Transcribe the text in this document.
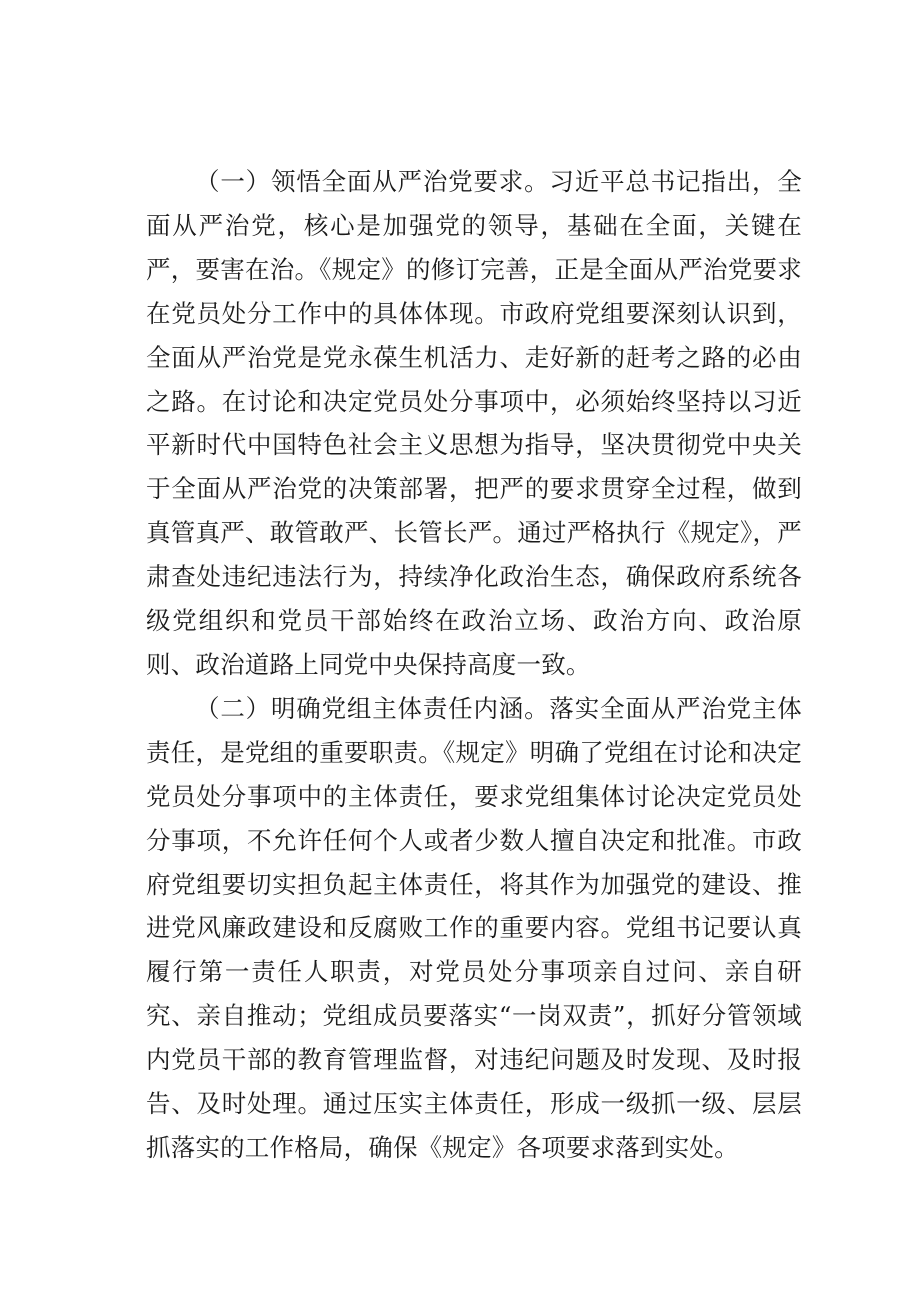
（一）领悟全面从严治党要求。习近平总书记指出，全面从严治党，核心是加强党的领导，基础在全面，关键在严，要害在治。《规定》的修订完善，正是全面从严治党要求在党员处分工作中的具体体现。市政府党组要深刻认识到，全面从严治党是党永葆生机活力、走好新的赶考之路的必由之路。在讨论和决定党员处分事项中，必须始终坚持以习近平新时代中国特色社会主义思想为指导，坚决贯彻党中央关于全面从严治党的决策部署，把严的要求贯穿全过程，做到真管真严、敢管敢严、长管长严。通过严格执行《规定》，严肃查处违纪违法行为，持续净化政治生态，确保政府系统各级党组织和党员干部始终在政治立场、政治方向、政治原则、政治道路上同党中央保持高度一致。

（二）明确党组主体责任内涵。落实全面从严治党主体责任，是党组的重要职责。《规定》明确了党组在讨论和决定党员处分事项中的主体责任，要求党组集体讨论决定党员处分事项，不允许任何个人或者少数人擅自决定和批准。市政府党组要切实担负起主体责任，将其作为加强党的建设、推进党风廉政建设和反腐败工作的重要内容。党组书记要认真履行第一责任人职责，对党员处分事项亲自过问、亲自研究、亲自推动；党组成员要落实“一岗双责”，抓好分管领域内党员干部的教育管理监督，对违纪问题及时发现、及时报告、及时处理。通过压实主体责任，形成一级抓一级、层层抓落实的工作格局，确保《规定》各项要求落到实处。
